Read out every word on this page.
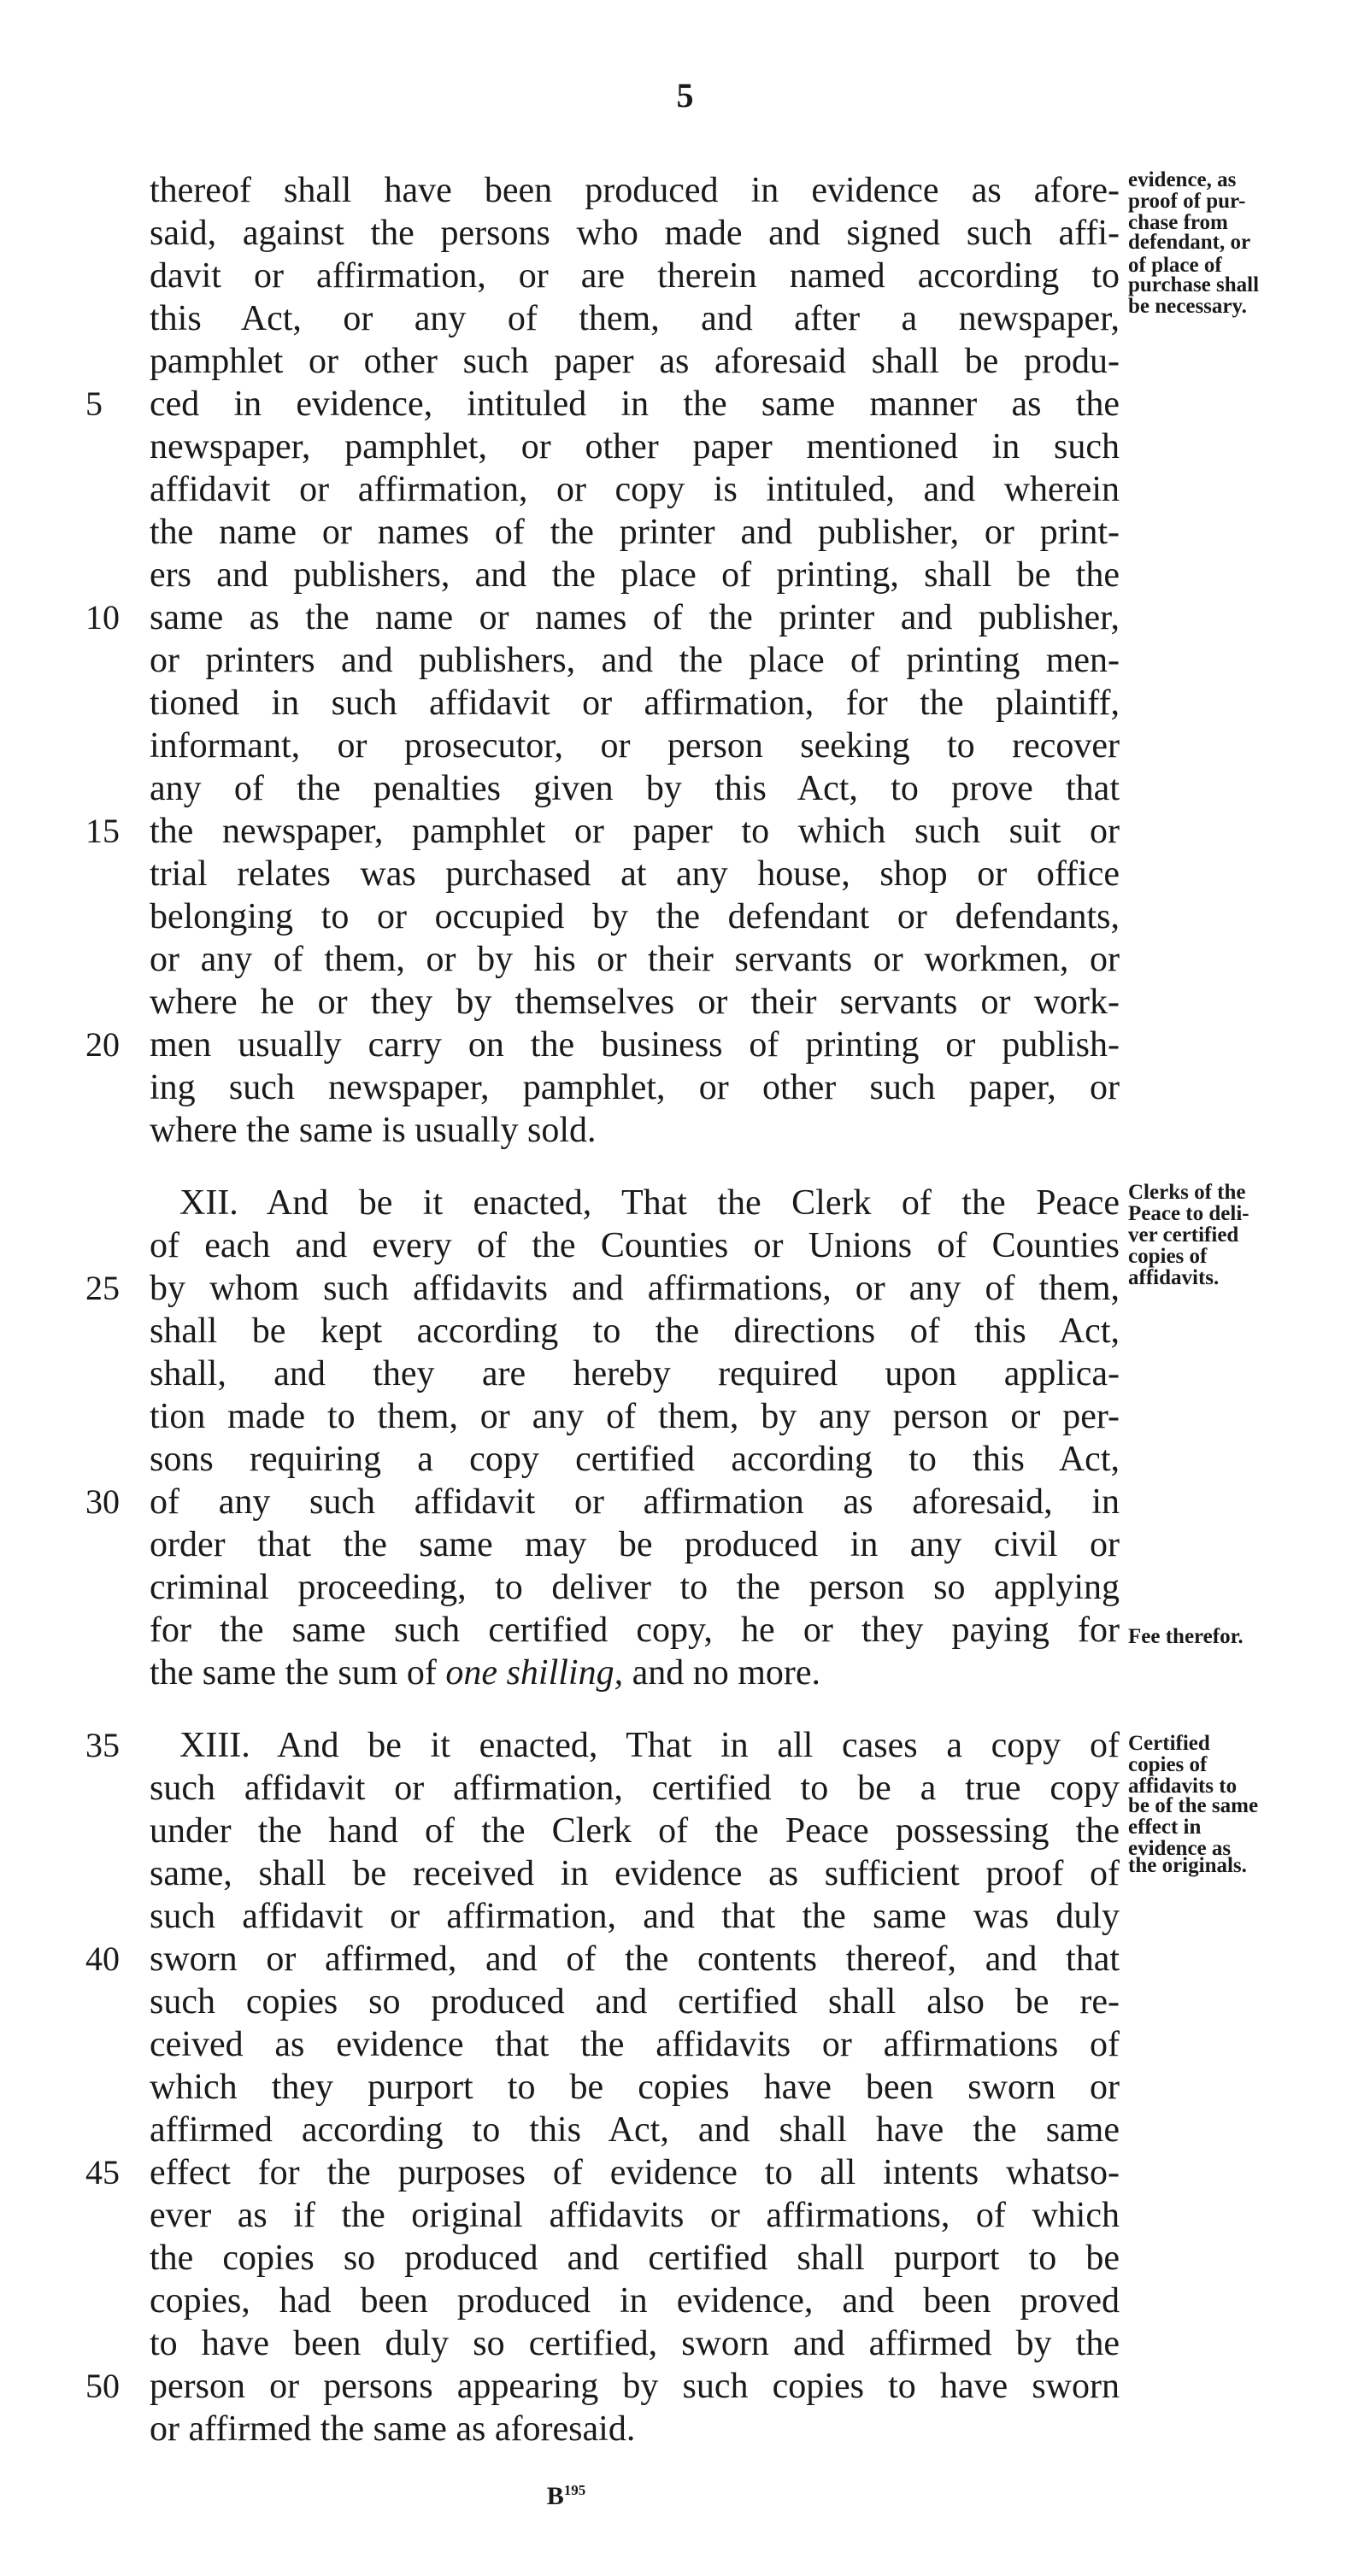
5
thereof shall have been produced in evidence as afore-
said, against the persons who made and signed such affi-
davit or affirmation, or are therein named according to
this Act, or any of them, and after a newspaper,
pamphlet or other such paper as aforesaid shall be produ-
ced in evidence, intituled in the same manner as the
5
newspaper, pamphlet, or other paper mentioned in such
affidavit or affirmation, or copy is intituled, and wherein
the name or names of the printer and publisher, or print-
ers and publishers, and the place of printing, shall be the
same as the name or names of the printer and publisher,
10
or printers and publishers, and the place of printing men-
tioned in such affidavit or affirmation, for the plaintiff,
informant, or prosecutor, or person seeking to recover
any of the penalties given by this Act, to prove that
the newspaper, pamphlet or paper to which such suit or
15
trial relates was purchased at any house, shop or office
belonging to or occupied by the defendant or defendants,
or any of them, or by his or their servants or workmen, or
where he or they by themselves or their servants or work-
men usually carry on the business of printing or publish-
20
ing such newspaper, pamphlet, or other such paper, or
where the same is usually sold.
XII. And be it enacted, That the Clerk of the Peace
of each and every of the Counties or Unions of Counties
by whom such affidavits and affirmations, or any of them,
25
shall be kept according to the directions of this Act,
shall, and they are hereby required upon applica-
tion made to them, or any of them, by any person or per-
sons requiring a copy certified according to this Act,
of any such affidavit or affirmation as aforesaid, in
30
order that the same may be produced in any civil or
criminal proceeding, to deliver to the person so applying
for the same such certified copy, he or they paying for
the same the sum of one shilling, and no more.
XIII. And be it enacted, That in all cases a copy of
35
such affidavit or affirmation, certified to be a true copy
under the hand of the Clerk of the Peace possessing the
same, shall be received in evidence as sufficient proof of
such affidavit or affirmation, and that the same was duly
sworn or affirmed, and of the contents thereof, and that
40
such copies so produced and certified shall also be re-
ceived as evidence that the affidavits or affirmations of
which they purport to be copies have been sworn or
affirmed according to this Act, and shall have the same
effect for the purposes of evidence to all intents whatso-
45
ever as if the original affidavits or affirmations, of which
the copies so produced and certified shall purport to be
copies, had been produced in evidence, and been proved
to have been duly so certified, sworn and affirmed by the
person or persons appearing by such copies to have sworn
50
or affirmed the same as aforesaid.
evidence, as
proof of pur-
chase from
defendant, or
of place of
purchase shall
be necessary.
Clerks of the
Peace to deli-
ver certified
copies of
affidavits.
Fee therefor.
Certified
copies of
affidavits to
be of the same
effect in
evidence as
the originals.
$B^{195}$
